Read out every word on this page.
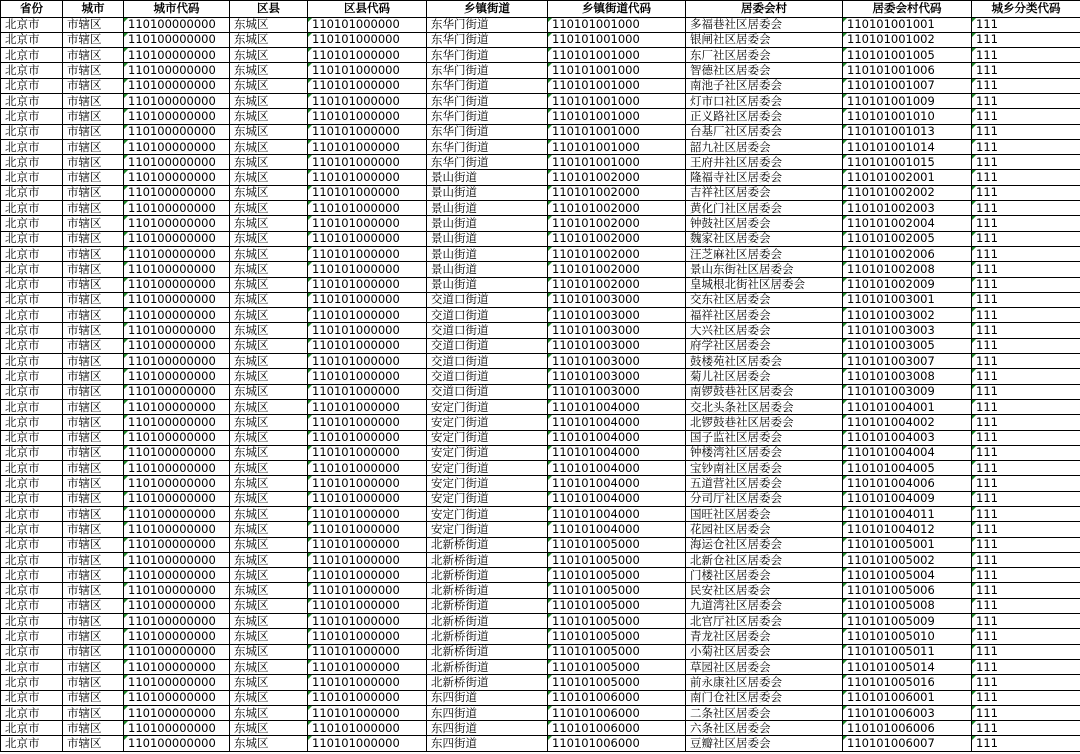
省份	城市	城市代码	区县	区县代码	乡镇街道	乡镇街道代码	居委会村	居委会村代码	城乡分类代码
北京市	市辖区	110100000000	东城区	110101000000	东华门街道	110101001000	多福巷社区居委会	110101001001	111
北京市	市辖区	110100000000	东城区	110101000000	东华门街道	110101001000	银闸社区居委会	110101001002	111
北京市	市辖区	110100000000	东城区	110101000000	东华门街道	110101001000	东厂社区居委会	110101001005	111
北京市	市辖区	110100000000	东城区	110101000000	东华门街道	110101001000	智德社区居委会	110101001006	111
北京市	市辖区	110100000000	东城区	110101000000	东华门街道	110101001000	南池子社区居委会	110101001007	111
北京市	市辖区	110100000000	东城区	110101000000	东华门街道	110101001000	灯市口社区居委会	110101001009	111
北京市	市辖区	110100000000	东城区	110101000000	东华门街道	110101001000	正义路社区居委会	110101001010	111
北京市	市辖区	110100000000	东城区	110101000000	东华门街道	110101001000	台基厂社区居委会	110101001013	111
北京市	市辖区	110100000000	东城区	110101000000	东华门街道	110101001000	韶九社区居委会	110101001014	111
北京市	市辖区	110100000000	东城区	110101000000	东华门街道	110101001000	王府井社区居委会	110101001015	111
北京市	市辖区	110100000000	东城区	110101000000	景山街道	110101002000	隆福寺社区居委会	110101002001	111
北京市	市辖区	110100000000	东城区	110101000000	景山街道	110101002000	吉祥社区居委会	110101002002	111
北京市	市辖区	110100000000	东城区	110101000000	景山街道	110101002000	黄化门社区居委会	110101002003	111
北京市	市辖区	110100000000	东城区	110101000000	景山街道	110101002000	钟鼓社区居委会	110101002004	111
北京市	市辖区	110100000000	东城区	110101000000	景山街道	110101002000	魏家社区居委会	110101002005	111
北京市	市辖区	110100000000	东城区	110101000000	景山街道	110101002000	汪芝麻社区居委会	110101002006	111
北京市	市辖区	110100000000	东城区	110101000000	景山街道	110101002000	景山东街社区居委会	110101002008	111
北京市	市辖区	110100000000	东城区	110101000000	景山街道	110101002000	皇城根北街社区居委会	110101002009	111
北京市	市辖区	110100000000	东城区	110101000000	交道口街道	110101003000	交东社区居委会	110101003001	111
北京市	市辖区	110100000000	东城区	110101000000	交道口街道	110101003000	福祥社区居委会	110101003002	111
北京市	市辖区	110100000000	东城区	110101000000	交道口街道	110101003000	大兴社区居委会	110101003003	111
北京市	市辖区	110100000000	东城区	110101000000	交道口街道	110101003000	府学社区居委会	110101003005	111
北京市	市辖区	110100000000	东城区	110101000000	交道口街道	110101003000	鼓楼苑社区居委会	110101003007	111
北京市	市辖区	110100000000	东城区	110101000000	交道口街道	110101003000	菊儿社区居委会	110101003008	111
北京市	市辖区	110100000000	东城区	110101000000	交道口街道	110101003000	南锣鼓巷社区居委会	110101003009	111
北京市	市辖区	110100000000	东城区	110101000000	安定门街道	110101004000	交北头条社区居委会	110101004001	111
北京市	市辖区	110100000000	东城区	110101000000	安定门街道	110101004000	北锣鼓巷社区居委会	110101004002	111
北京市	市辖区	110100000000	东城区	110101000000	安定门街道	110101004000	国子监社区居委会	110101004003	111
北京市	市辖区	110100000000	东城区	110101000000	安定门街道	110101004000	钟楼湾社区居委会	110101004004	111
北京市	市辖区	110100000000	东城区	110101000000	安定门街道	110101004000	宝钞南社区居委会	110101004005	111
北京市	市辖区	110100000000	东城区	110101000000	安定门街道	110101004000	五道营社区居委会	110101004006	111
北京市	市辖区	110100000000	东城区	110101000000	安定门街道	110101004000	分司厅社区居委会	110101004009	111
北京市	市辖区	110100000000	东城区	110101000000	安定门街道	110101004000	国旺社区居委会	110101004011	111
北京市	市辖区	110100000000	东城区	110101000000	安定门街道	110101004000	花园社区居委会	110101004012	111
北京市	市辖区	110100000000	东城区	110101000000	北新桥街道	110101005000	海运仓社区居委会	110101005001	111
北京市	市辖区	110100000000	东城区	110101000000	北新桥街道	110101005000	北新仓社区居委会	110101005002	111
北京市	市辖区	110100000000	东城区	110101000000	北新桥街道	110101005000	门楼社区居委会	110101005004	111
北京市	市辖区	110100000000	东城区	110101000000	北新桥街道	110101005000	民安社区居委会	110101005006	111
北京市	市辖区	110100000000	东城区	110101000000	北新桥街道	110101005000	九道湾社区居委会	110101005008	111
北京市	市辖区	110100000000	东城区	110101000000	北新桥街道	110101005000	北官厅社区居委会	110101005009	111
北京市	市辖区	110100000000	东城区	110101000000	北新桥街道	110101005000	青龙社区居委会	110101005010	111
北京市	市辖区	110100000000	东城区	110101000000	北新桥街道	110101005000	小菊社区居委会	110101005011	111
北京市	市辖区	110100000000	东城区	110101000000	北新桥街道	110101005000	草园社区居委会	110101005014	111
北京市	市辖区	110100000000	东城区	110101000000	北新桥街道	110101005000	前永康社区居委会	110101005016	111
北京市	市辖区	110100000000	东城区	110101000000	东四街道	110101006000	南门仓社区居委会	110101006001	111
北京市	市辖区	110100000000	东城区	110101000000	东四街道	110101006000	二条社区居委会	110101006003	111
北京市	市辖区	110100000000	东城区	110101000000	东四街道	110101006000	六条社区居委会	110101006006	111
北京市	市辖区	110100000000	东城区	110101000000	东四街道	110101006000	豆瓣社区居委会	110101006007	111
